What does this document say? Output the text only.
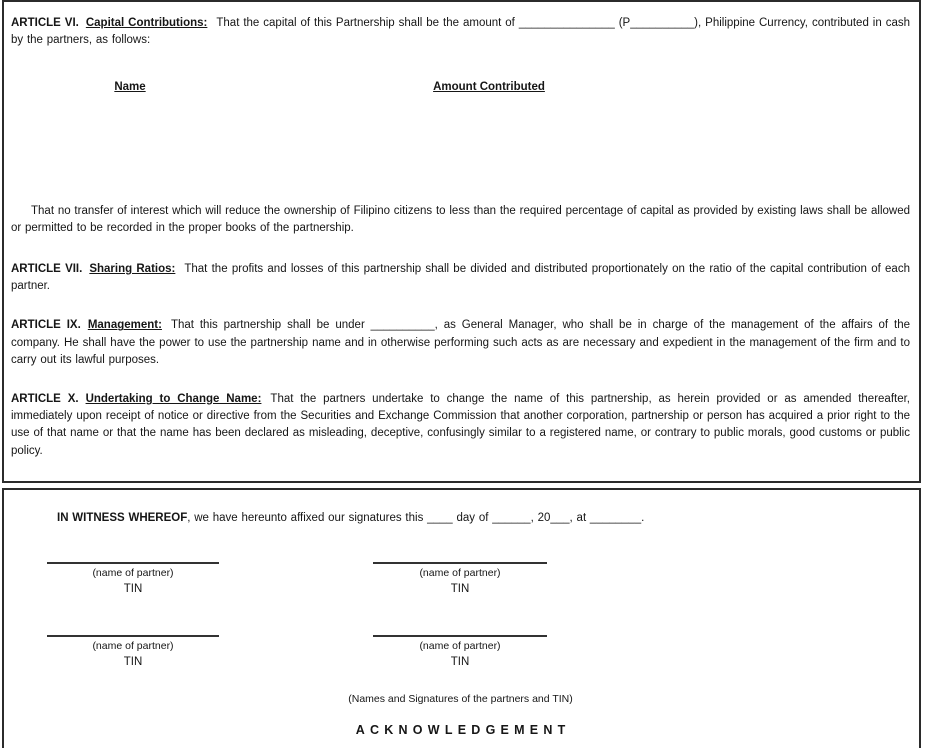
ARTICLE VI. Capital Contributions: That the capital of this Partnership shall be the amount of _______________ (P__________), Philippine Currency, contributed in cash by the partners, as follows:

Name	Amount Contributed

That no transfer of interest which will reduce the ownership of Filipino citizens to less than the required percentage of capital as provided by existing laws shall be allowed or permitted to be recorded in the proper books of the partnership.

ARTICLE VII. Sharing Ratios: That the profits and losses of this partnership shall be divided and distributed proportionately on the ratio of the capital contribution of each partner.

ARTICLE IX. Management: That this partnership shall be under __________, as General Manager, who shall be in charge of the management of the affairs of the company. He shall have the power to use the partnership name and in otherwise performing such acts as are necessary and expedient in the management of the firm and to carry out its lawful purposes.

ARTICLE X. Undertaking to Change Name: That the partners undertake to change the name of this partnership, as herein provided or as amended thereafter, immediately upon receipt of notice or directive from the Securities and Exchange Commission that another corporation, partnership or person has acquired a prior right to the use of that name or that the name has been declared as misleading, deceptive, confusingly similar to a registered name, or contrary to public morals, good customs or public policy.

IN WITNESS WHEREOF, we have hereunto affixed our signatures this ____ day of ______, 20___, at ________.

(name of partner)
TIN
(name of partner)
TIN
(name of partner)
TIN
(name of partner)
TIN
(Names and Signatures of the partners and TIN)
ACKNOWLEDGEMENT
